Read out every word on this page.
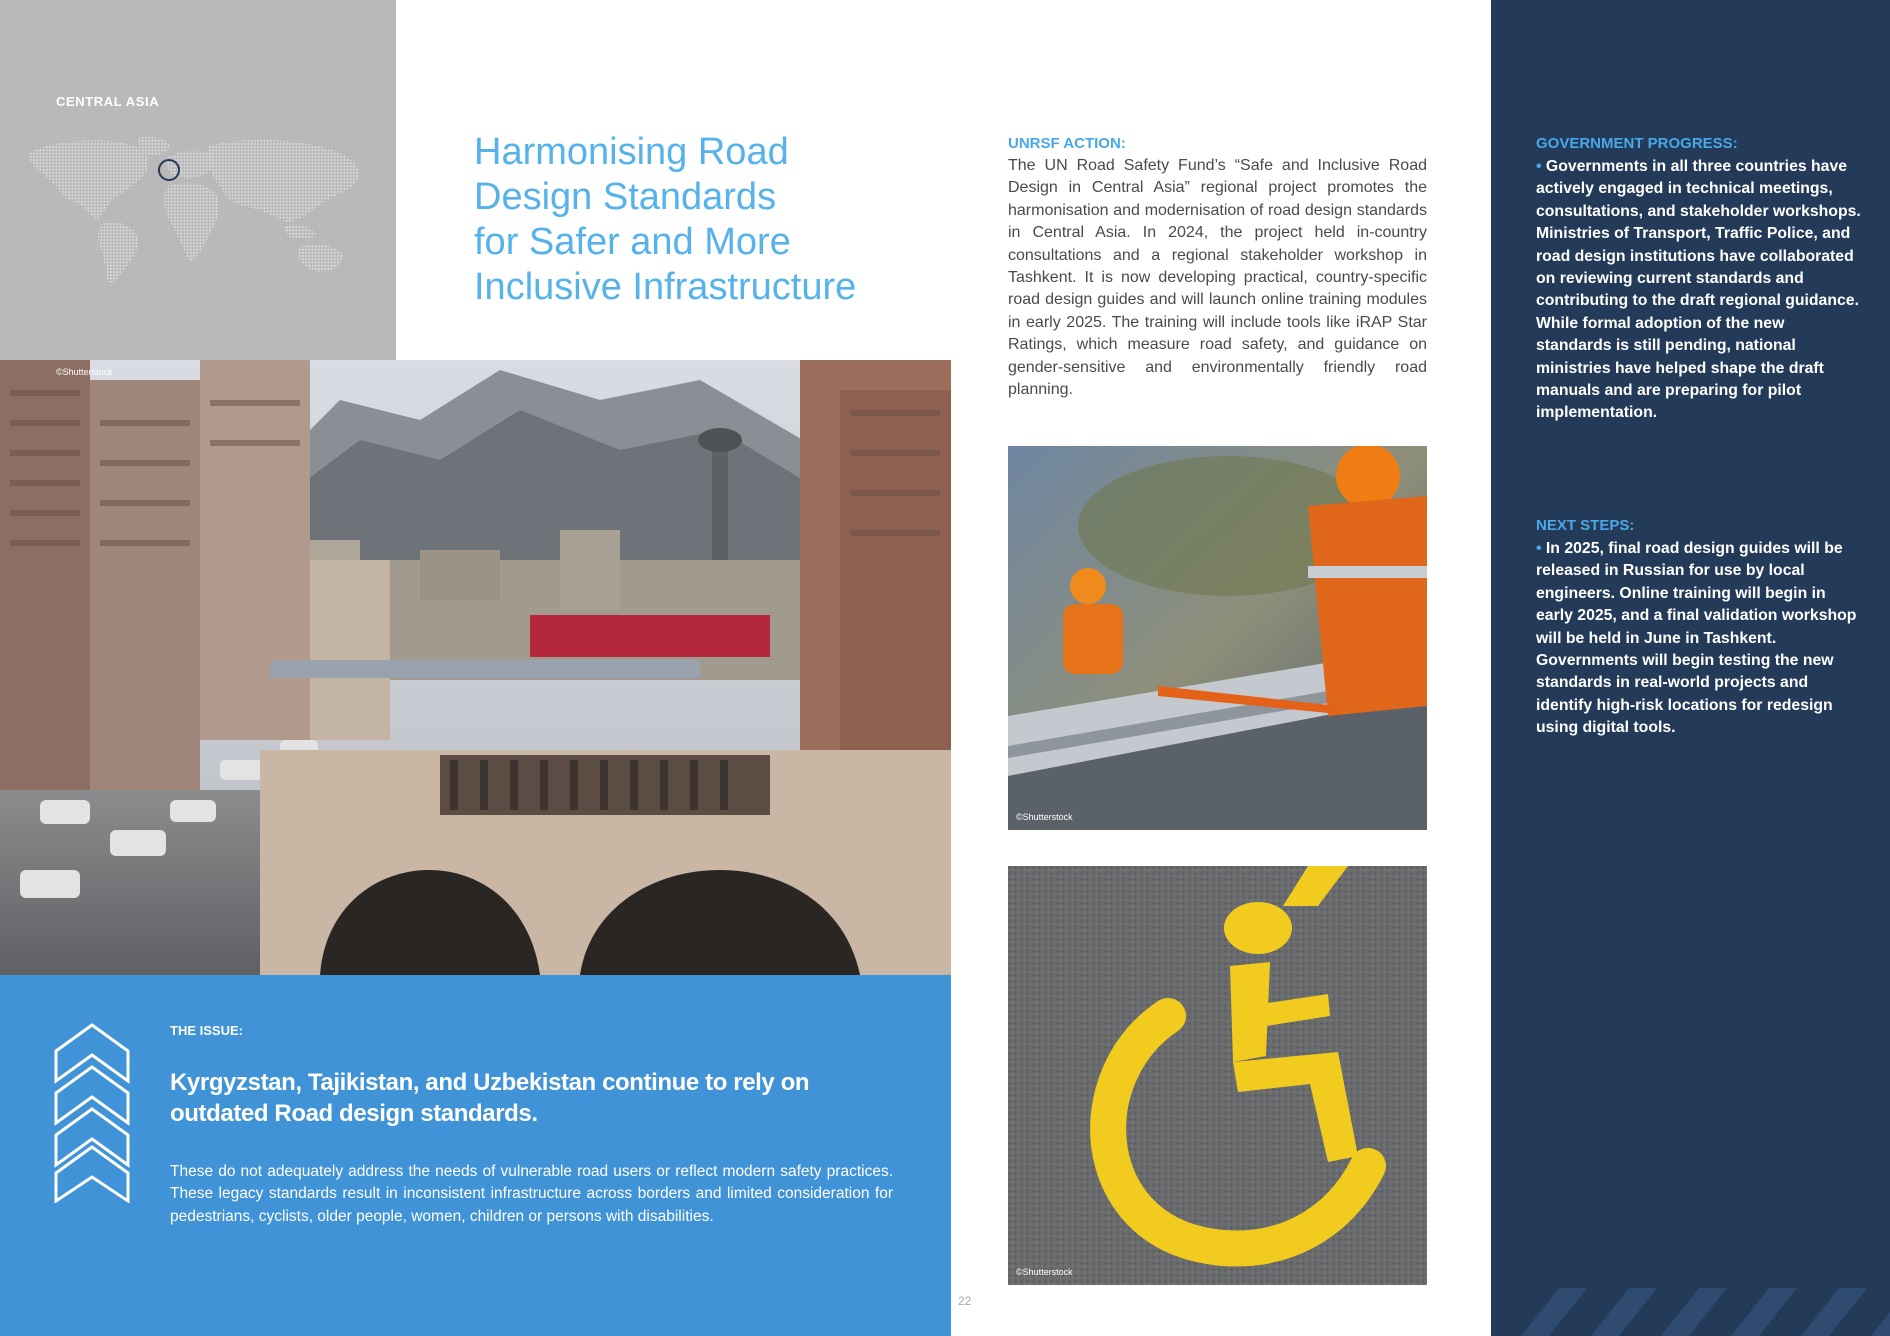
CENTRAL ASIA
Harmonising Road
Design Standards
for Safer and More
Inclusive Infrastructure
UNRSF ACTION:

The UN Road Safety Fund’s “Safe and Inclusive Road Design in Central Asia” regional project promotes the harmonisation and modernisation of road design standards in Central Asia. In 2024, the project held in-country consultations and a regional stakeholder workshop in Tashkent. It is now developing practical, country-specific road design guides and will launch online training modules in early 2025. The training will include tools like iRAP Star Ratings, which measure road safety, and guidance on gender-sensitive and environmentally friendly road planning.

©Shutterstock
THE ISSUE:

Kyrgyzstan, Tajikistan, and Uzbekistan continue to rely on outdated Road design standards.

These do not adequately address the needs of vulnerable road users or reflect modern safety practices. These legacy standards result in inconsistent infrastructure across borders and limited consideration for pedestrians, cyclists, older people, women, children or persons with disabilities.

©Shutterstock
©Shutterstock
22
GOVERNMENT PROGRESS:

• Governments in all three countries have actively engaged in technical meetings, consultations, and stakeholder workshops. Ministries of Transport, Traffic Police, and road design institutions have collaborated on reviewing current standards and contributing to the draft regional guidance. While formal adoption of the new standards is still pending, national ministries have helped shape the draft manuals and are preparing for pilot implementation.

NEXT STEPS:

• In 2025, final road design guides will be released in Russian for use by local engineers. Online training will begin in early 2025, and a final validation workshop will be held in June in Tashkent. Governments will begin testing the new standards in real-world projects and identify high-risk locations for redesign using digital tools.
